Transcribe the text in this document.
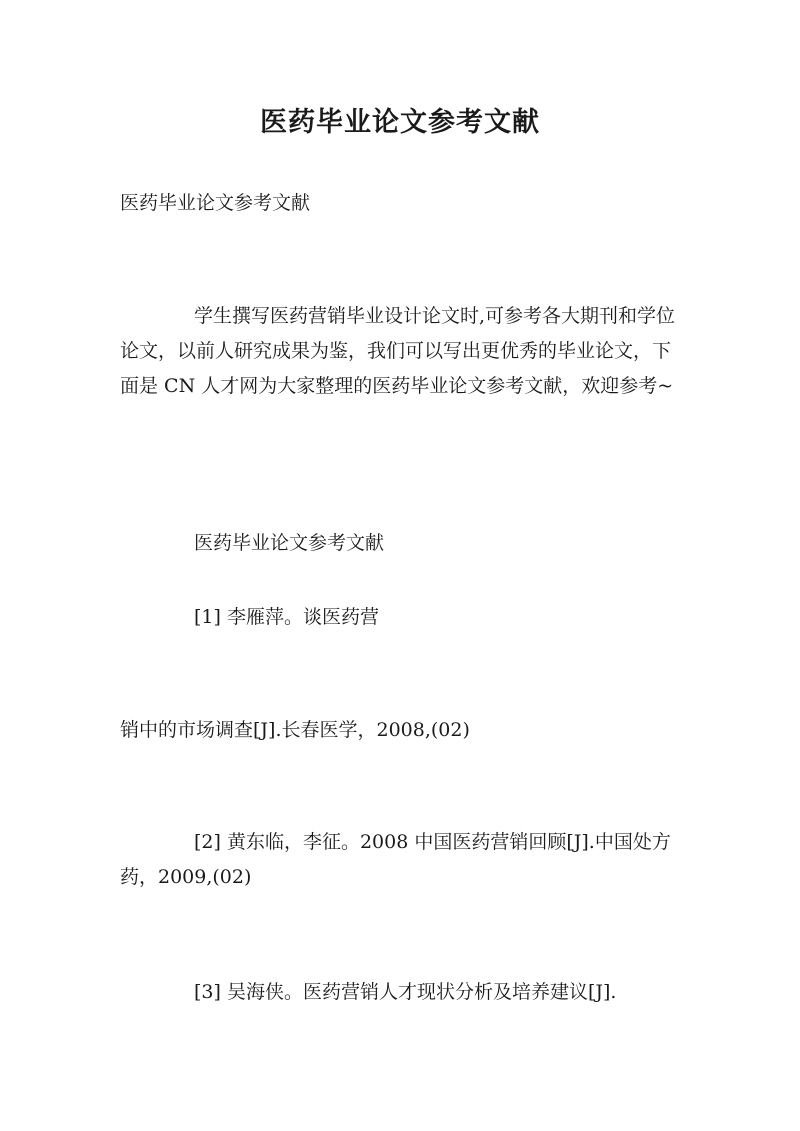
医药毕业论文参考文献

医药毕业论文参考文献

学生撰写医药营销毕业设计论文时,可参考各大期刊和学位论文，以前人研究成果为鉴，我们可以写出更优秀的毕业论文，下面是 CN 人才网为大家整理的医药毕业论文参考文献，欢迎参考~

医药毕业论文参考文献

[1] 李雁萍。谈医药营

销中的市场调查[J].长春医学，2008,(02)

[2] 黄东临，李征。2008 中国医药营销回顾[J].中国处方药，2009,(02)

[3] 吴海侠。医药营销人才现状分析及培养建议[J].
